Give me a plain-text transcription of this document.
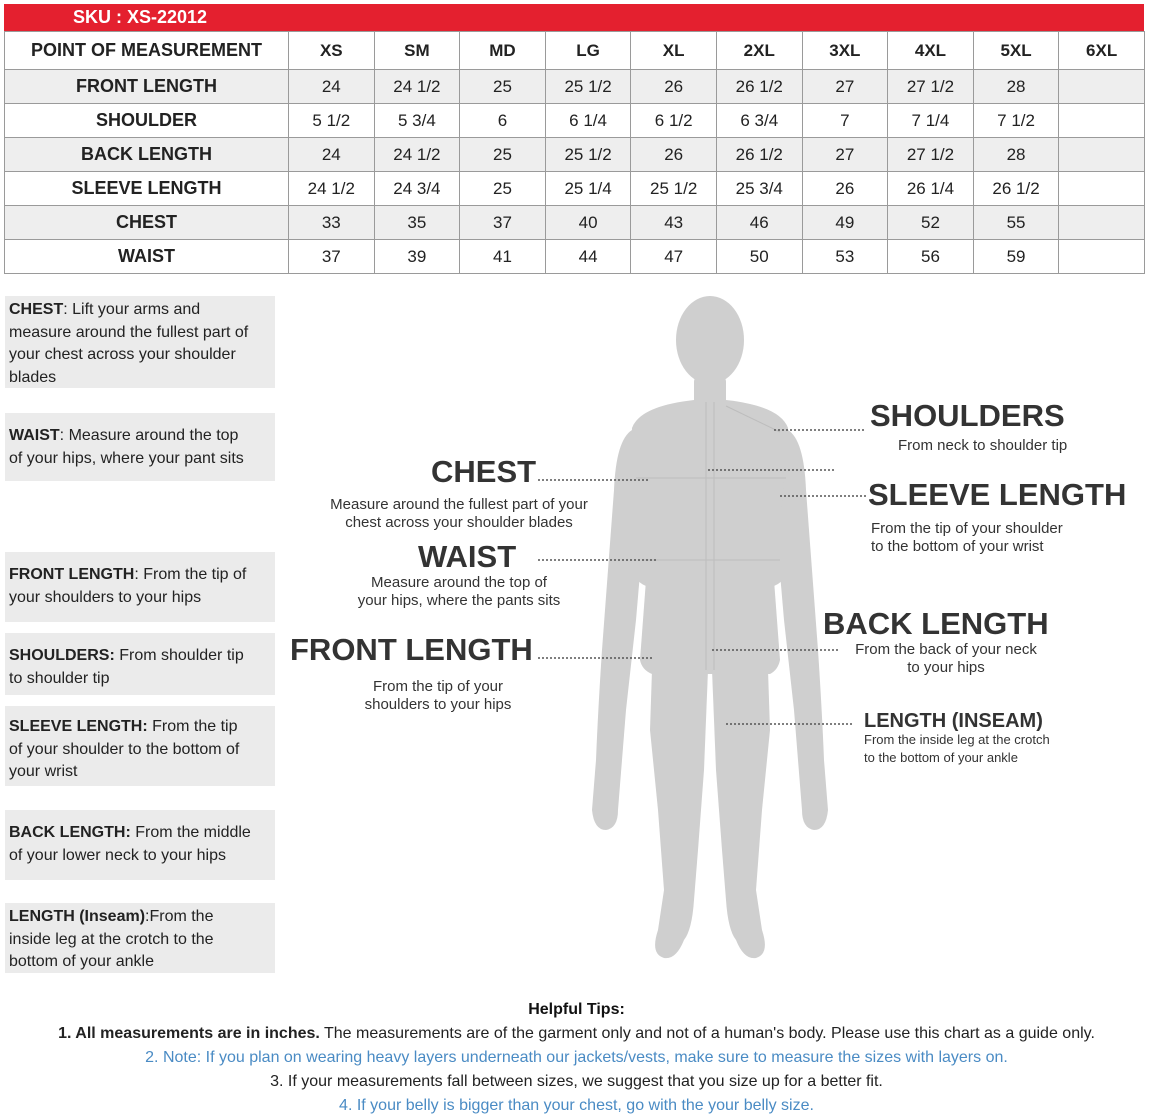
SKU : XS-22012
POINT OF MEASUREMENT	XS	SM	MD	LG	XL	2XL	3XL	4XL	5XL	6XL
FRONT LENGTH	24	24 1/2	25	25 1/2	26	26 1/2	27	27 1/2	28	
SHOULDER	5 1/2	5 3/4	6	6 1/4	6 1/2	6 3/4	7	7 1/4	7 1/2	
BACK LENGTH	24	24 1/2	25	25 1/2	26	26 1/2	27	27 1/2	28	
SLEEVE LENGTH	24 1/2	24 3/4	25	25 1/4	25 1/2	25 3/4	26	26 1/4	26 1/2	
CHEST	33	35	37	40	43	46	49	52	55	
WAIST	37	39	41	44	47	50	53	56	59	
CHEST: Lift your arms and
measure around the fullest part of
your chest across your shoulder
blades
WAIST: Measure around the top
of your hips, where your pant sits
FRONT LENGTH: From the tip of
your shoulders to your hips
SHOULDERS: From shoulder tip
to shoulder tip
SLEEVE LENGTH: From the tip
of your shoulder to the bottom of
your wrist
BACK LENGTH: From the middle
of your lower neck to your hips
LENGTH (Inseam):From the
inside leg at the crotch to the
bottom of your ankle
CHEST
Measure around the fullest part of your
chest across your shoulder blades
WAIST
Measure around the top of
your hips, where the pants sits
FRONT LENGTH
From the tip of your
shoulders to your hips
SHOULDERS
From neck to shoulder tip
SLEEVE LENGTH
From the tip of your shoulder
to the bottom of your wrist
BACK LENGTH
From the back of your neck
to your hips
LENGTH (INSEAM)
From the inside leg at the crotch
to the bottom of your ankle
Helpful Tips:
1. All measurements are in inches. The measurements are of the garment only and not of a human's body. Please use this chart as a guide only.
2. Note: If you plan on wearing heavy layers underneath our jackets/vests, make sure to measure the sizes with layers on.
3. If your measurements fall between sizes, we suggest that you size up for a better fit.
4. If your belly is bigger than your chest, go with the your belly size.
